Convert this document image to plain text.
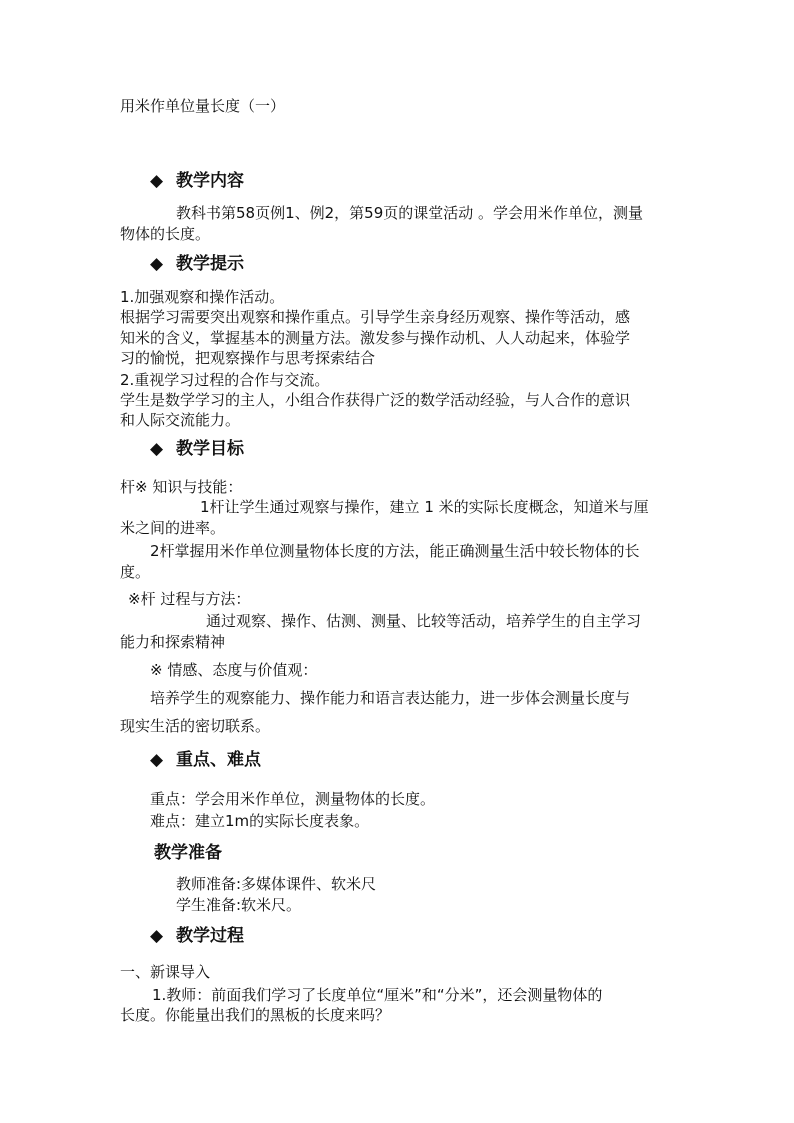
用米作单位量长度（一）
◆ 教学内容
教科书第58页例1、例2，第59页的课堂活动 。学会用米作单位，测量
物体的长度。
◆ 教学提示
1.加强观察和操作活动。
根据学习需要突出观察和操作重点。引导学生亲身经历观察、操作等活动，感
知米的含义，掌握基本的测量方法。激发参与操作动机、人人动起来，体验学
习的愉悦，把观察操作与思考探索结合
2.重视学习过程的合作与交流。
学生是数学学习的主人，小组合作获得广泛的数学活动经验，与人合作的意识
和人际交流能力。
◆ 教学目标
杆※ 知识与技能：
1杆让学生通过观察与操作，建立 1 米的实际长度概念，知道米与厘
米之间的进率。
2杆掌握用米作单位测量物体长度的方法，能正确测量生活中较长物体的长
度。
※杆 过程与方法：
通过观察、操作、估测、测量、比较等活动，培养学生的自主学习
能力和探索精神
※ 情感、态度与价值观：
培养学生的观察能力、操作能力和语言表达能力，进一步体会测量长度与
现实生活的密切联系。
◆ 重点、难点
重点：学会用米作单位，测量物体的长度。
难点：建立1m的实际长度表象。
教学准备
教师准备:多媒体课件、软米尺
学生准备:软米尺。
◆ 教学过程
一、新课导入
1.教师：前面我们学习了长度单位“厘米”和“分米”，还会测量物体的
长度。你能量出我们的黑板的长度来吗？
